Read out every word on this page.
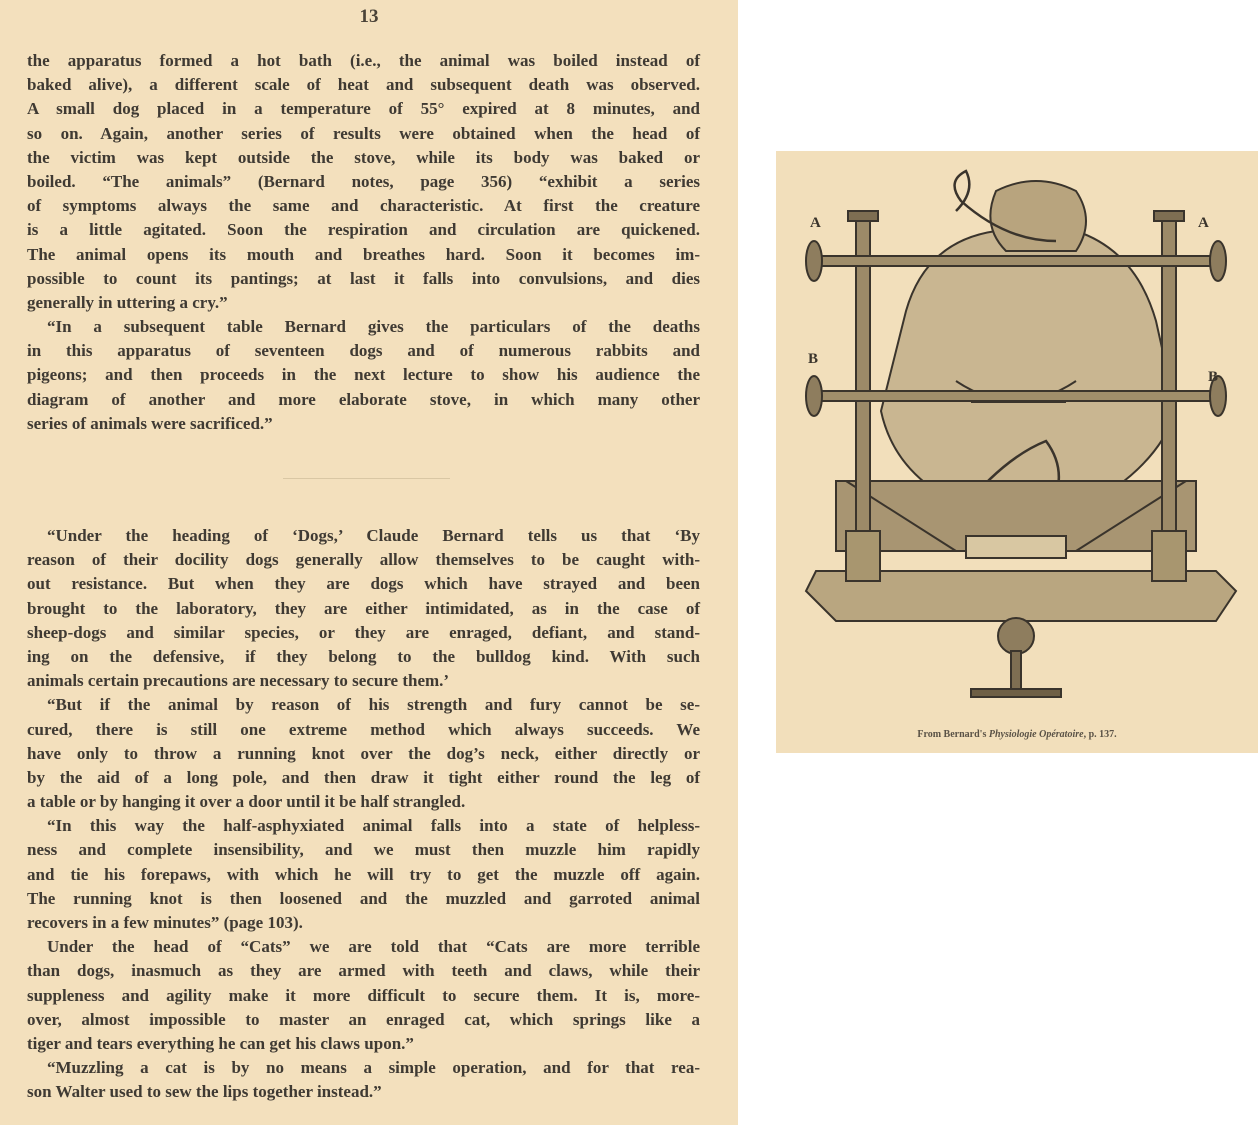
13
the apparatus formed a hot bath (i.e., the animal was boiled instead of
baked alive), a different scale of heat and subsequent death was observed.
A small dog placed in a temperature of 55° expired at 8 minutes, and
so on. Again, another series of results were obtained when the head of
the victim was kept outside the stove, while its body was baked or
boiled. “The animals” (Bernard notes, page 356) “exhibit a series
of symptoms always the same and characteristic. At first the creature
is a little agitated. Soon the respiration and circulation are quickened.
The animal opens its mouth and breathes hard. Soon it becomes im-
possible to count its pantings; at last it falls into convulsions, and dies
generally in uttering a cry.”
“In a subsequent table Bernard gives the particulars of the deaths
in this apparatus of seventeen dogs and of numerous rabbits and
pigeons; and then proceeds in the next lecture to show his audience the
diagram of another and more elaborate stove, in which many other
series of animals were sacrificed.”
“Under the heading of ‘Dogs,’ Claude Bernard tells us that ‘By
reason of their docility dogs generally allow themselves to be caught with-
out resistance. But when they are dogs which have strayed and been
brought to the laboratory, they are either intimidated, as in the case of
sheep-dogs and similar species, or they are enraged, defiant, and stand-
ing on the defensive, if they belong to the bulldog kind. With such
animals certain precautions are necessary to secure them.’
“But if the animal by reason of his strength and fury cannot be se-
cured, there is still one extreme method which always succeeds. We
have only to throw a running knot over the dog’s neck, either directly or
by the aid of a long pole, and then draw it tight either round the leg of
a table or by hanging it over a door until it be half strangled.
“In this way the half-asphyxiated animal falls into a state of helpless-
ness and complete insensibility, and we must then muzzle him rapidly
and tie his forepaws, with which he will try to get the muzzle off again.
The running knot is then loosened and the muzzled and garroted animal
recovers in a few minutes” (page 103).
Under the head of “Cats” we are told that “Cats are more terrible
than dogs, inasmuch as they are armed with teeth and claws, while their
suppleness and agility make it more difficult to secure them. It is, more-
over, almost impossible to master an enraged cat, which springs like a
tiger and tears everything he can get his claws upon.”
“Muzzling a cat is by no means a simple operation, and for that rea-
son Walter used to sew the lips together instead.”
A	A
B
B
From Bernard's Physiologie Opératoire, p. 137.
